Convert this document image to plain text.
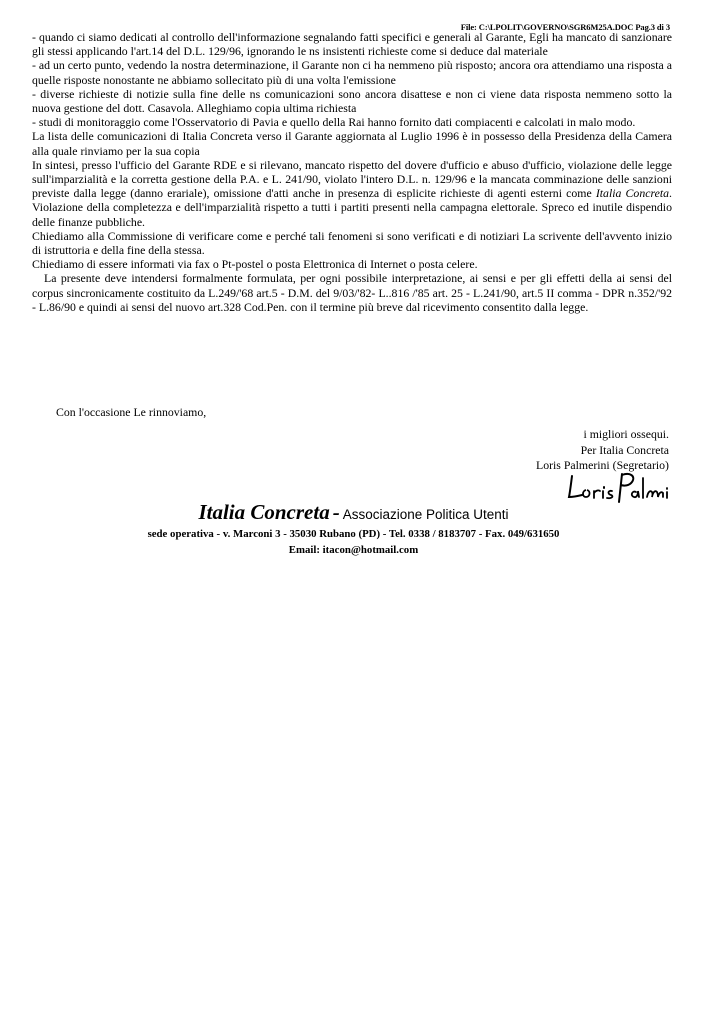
File: C:\LPOLIT\GOVERNO\SGR6M25A.DOC Pag.3 di 3

- quando ci siamo dedicati al controllo dell'informazione segnalando fatti specifici e generali al Garante, Egli ha mancato di sanzionare gli stessi applicando l'art.14 del D.L. 129/96, ignorando le ns insistenti richieste come si deduce dal materiale

- ad un certo punto, vedendo la nostra determinazione, il Garante non ci ha nemmeno più risposto; ancora ora attendiamo una risposta a quelle risposte nonostante ne abbiamo sollecitato più di una volta l'emissione

- diverse richieste di notizie sulla fine delle ns comunicazioni sono ancora disattese e non ci viene data risposta nemmeno sotto la nuova gestione del dott. Casavola. Alleghiamo copia ultima richiesta

- studi di monitoraggio come l'Osservatorio di Pavia e quello della Rai hanno fornito dati compiacenti e calcolati in malo modo.

La lista delle comunicazioni di Italia Concreta verso il Garante aggiornata al Luglio 1996 è in possesso della Presidenza della Camera alla quale rinviamo per la sua copia

In sintesi, presso l'ufficio del Garante RDE e si rilevano, mancato rispetto del dovere d'ufficio e abuso d'ufficio, violazione delle legge sull'imparzialità e la corretta gestione della P.A. e L. 241/90, violato l'intero D.L. n. 129/96 e la mancata comminazione delle sanzioni previste dalla legge (danno erariale), omissione d'atti anche in presenza di esplicite richieste di agenti esterni come Italia Concreta. Violazione della completezza e dell'imparzialità rispetto a tutti i partiti presenti nella campagna elettorale. Spreco ed inutile dispendio delle finanze pubbliche.

Chiediamo alla Commissione di verificare come e perché tali fenomeni si sono verificati e di notiziari La scrivente dell'avvento inizio di istruttoria e della fine della stessa.

Chiediamo di essere informati via fax o Pt-postel o posta Elettronica di Internet o posta celere.

La presente deve intendersi formalmente formulata, per ogni possibile interpretazione, ai sensi e per gli effetti della ai sensi del corpus sincronicamente costituito da L.249/'68 art.5 - D.M. del 9/03/'82- L..816 /'85 art. 25 - L.241/90, art.5 II comma - DPR n.352/'92 - L.86/90 e quindi ai sensi del nuovo art.328 Cod.Pen. con il termine più breve dal ricevimento consentito dalla legge.

Con l'occasione Le rinnoviamo,
i migliori ossequi.
Per Italia Concreta
Loris Palmerini (Segretario)
Italia Concreta - Associazione Politica Utenti
sede operativa - v. Marconi 3 - 35030 Rubano (PD) - Tel. 0338 / 8183707 - Fax. 049/631650
Email: itacon@hotmail.com
